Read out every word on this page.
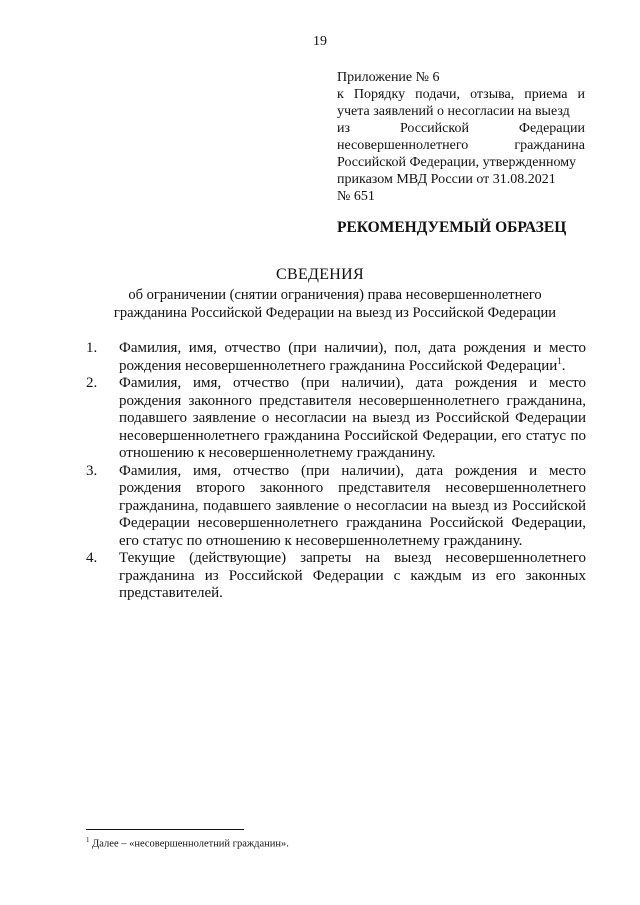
19

Приложение № 6

к Порядку подачи, отзыва, приема и

учета заявлений о несогласии на выезд

из Российской Федерации

несовершеннолетнего гражданина

Российской Федерации, утвержденному

приказом МВД России от 31.08.2021

№ 651

РЕКОМЕНДУЕМЫЙ ОБРАЗЕЦ
СВЕДЕНИЯ
об ограничении (снятии ограничения) права несовершеннолетнего
гражданина Российской Федерации на выезд из Российской Федерации
1.	Фамилия, имя, отчество (при наличии), пол, дата рождения и место рождения несовершеннолетнего гражданина Российской Федерации$^1$.
2.	Фамилия, имя, отчество (при наличии), дата рождения и место рождения законного представителя несовершеннолетнего гражданина, подавшего заявление о несогласии на выезд из Российской Федерации несовершеннолетнего гражданина Российской Федерации, его статус по отношению к несовершеннолетнему гражданину.
3.	Фамилия, имя, отчество (при наличии), дата рождения и место рождения второго законного представителя несовершеннолетнего гражданина, подавшего заявление о несогласии на выезд из Российской Федерации несовершеннолетнего гражданина Российской Федерации, его статус по отношению к несовершеннолетнему гражданину.
4.	Текущие (действующие) запреты на выезд несовершеннолетнего гражданина из Российской Федерации с каждым из его законных представителей.
$^1$ Далее – «несовершеннолетний гражданин».
